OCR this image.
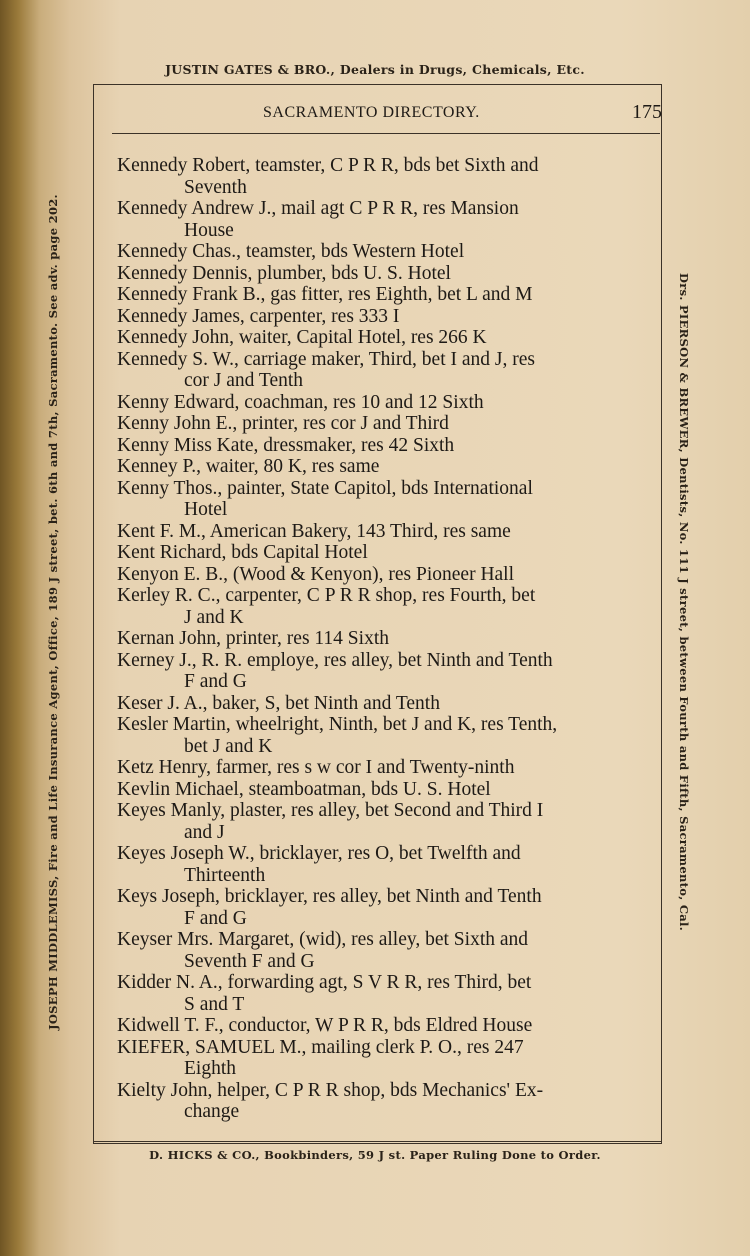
JUSTIN GATES & BRO., Dealers in Drugs, Chemicals, Etc.
SACRAMENTO DIRECTORY.	175
Kennedy Robert, teamster, C P R R, bds bet Sixth and
Seventh
Kennedy Andrew J., mail agt C P R R, res Mansion
House
Kennedy Chas., teamster, bds Western Hotel
Kennedy Dennis, plumber, bds U. S. Hotel
Kennedy Frank B., gas fitter, res Eighth, bet L and M
Kennedy James, carpenter, res 333 I
Kennedy John, waiter, Capital Hotel, res 266 K
Kennedy S. W., carriage maker, Third, bet I and J, res
cor J and Tenth
Kenny Edward, coachman, res 10 and 12 Sixth
Kenny John E., printer, res cor J and Third
Kenny Miss Kate, dressmaker, res 42 Sixth
Kenney P., waiter, 80 K, res same
Kenny Thos., painter, State Capitol, bds International
Hotel
Kent F. M., American Bakery, 143 Third, res same
Kent Richard, bds Capital Hotel
Kenyon E. B., (Wood & Kenyon), res Pioneer Hall
Kerley R. C., carpenter, C P R R shop, res Fourth, bet
J and K
Kernan John, printer, res 114 Sixth
Kerney J., R. R. employe, res alley, bet Ninth and Tenth
F and G
Keser J. A., baker, S, bet Ninth and Tenth
Kesler Martin, wheelright, Ninth, bet J and K, res Tenth,
bet J and K
Ketz Henry, farmer, res s w cor I and Twenty-ninth
Kevlin Michael, steamboatman, bds U. S. Hotel
Keyes Manly, plaster, res alley, bet Second and Third I
and J
Keyes Joseph W., bricklayer, res O, bet Twelfth and
Thirteenth
Keys Joseph, bricklayer, res alley, bet Ninth and Tenth
F and G
Keyser Mrs. Margaret, (wid), res alley, bet Sixth and
Seventh F and G
Kidder N. A., forwarding agt, S V R R, res Third, bet
S and T
Kidwell T. F., conductor, W P R R, bds Eldred House
KIEFER, SAMUEL M., mailing clerk P. O., res 247
Eighth
Kielty John, helper, C P R R shop, bds Mechanics' Ex-
change
JOSEPH MIDDLEMISS, Fire and Life Insurance Agent, Office, 189 J street, bet. 6th and 7th, Sacramento. See adv. page 202.	Drs. PIERSON & BREWER, Dentists, No. 111 J street, between Fourth and Fifth, Sacramento, Cal.
D. HICKS & CO., Bookbinders, 59 J st. Paper Ruling Done to Order.
